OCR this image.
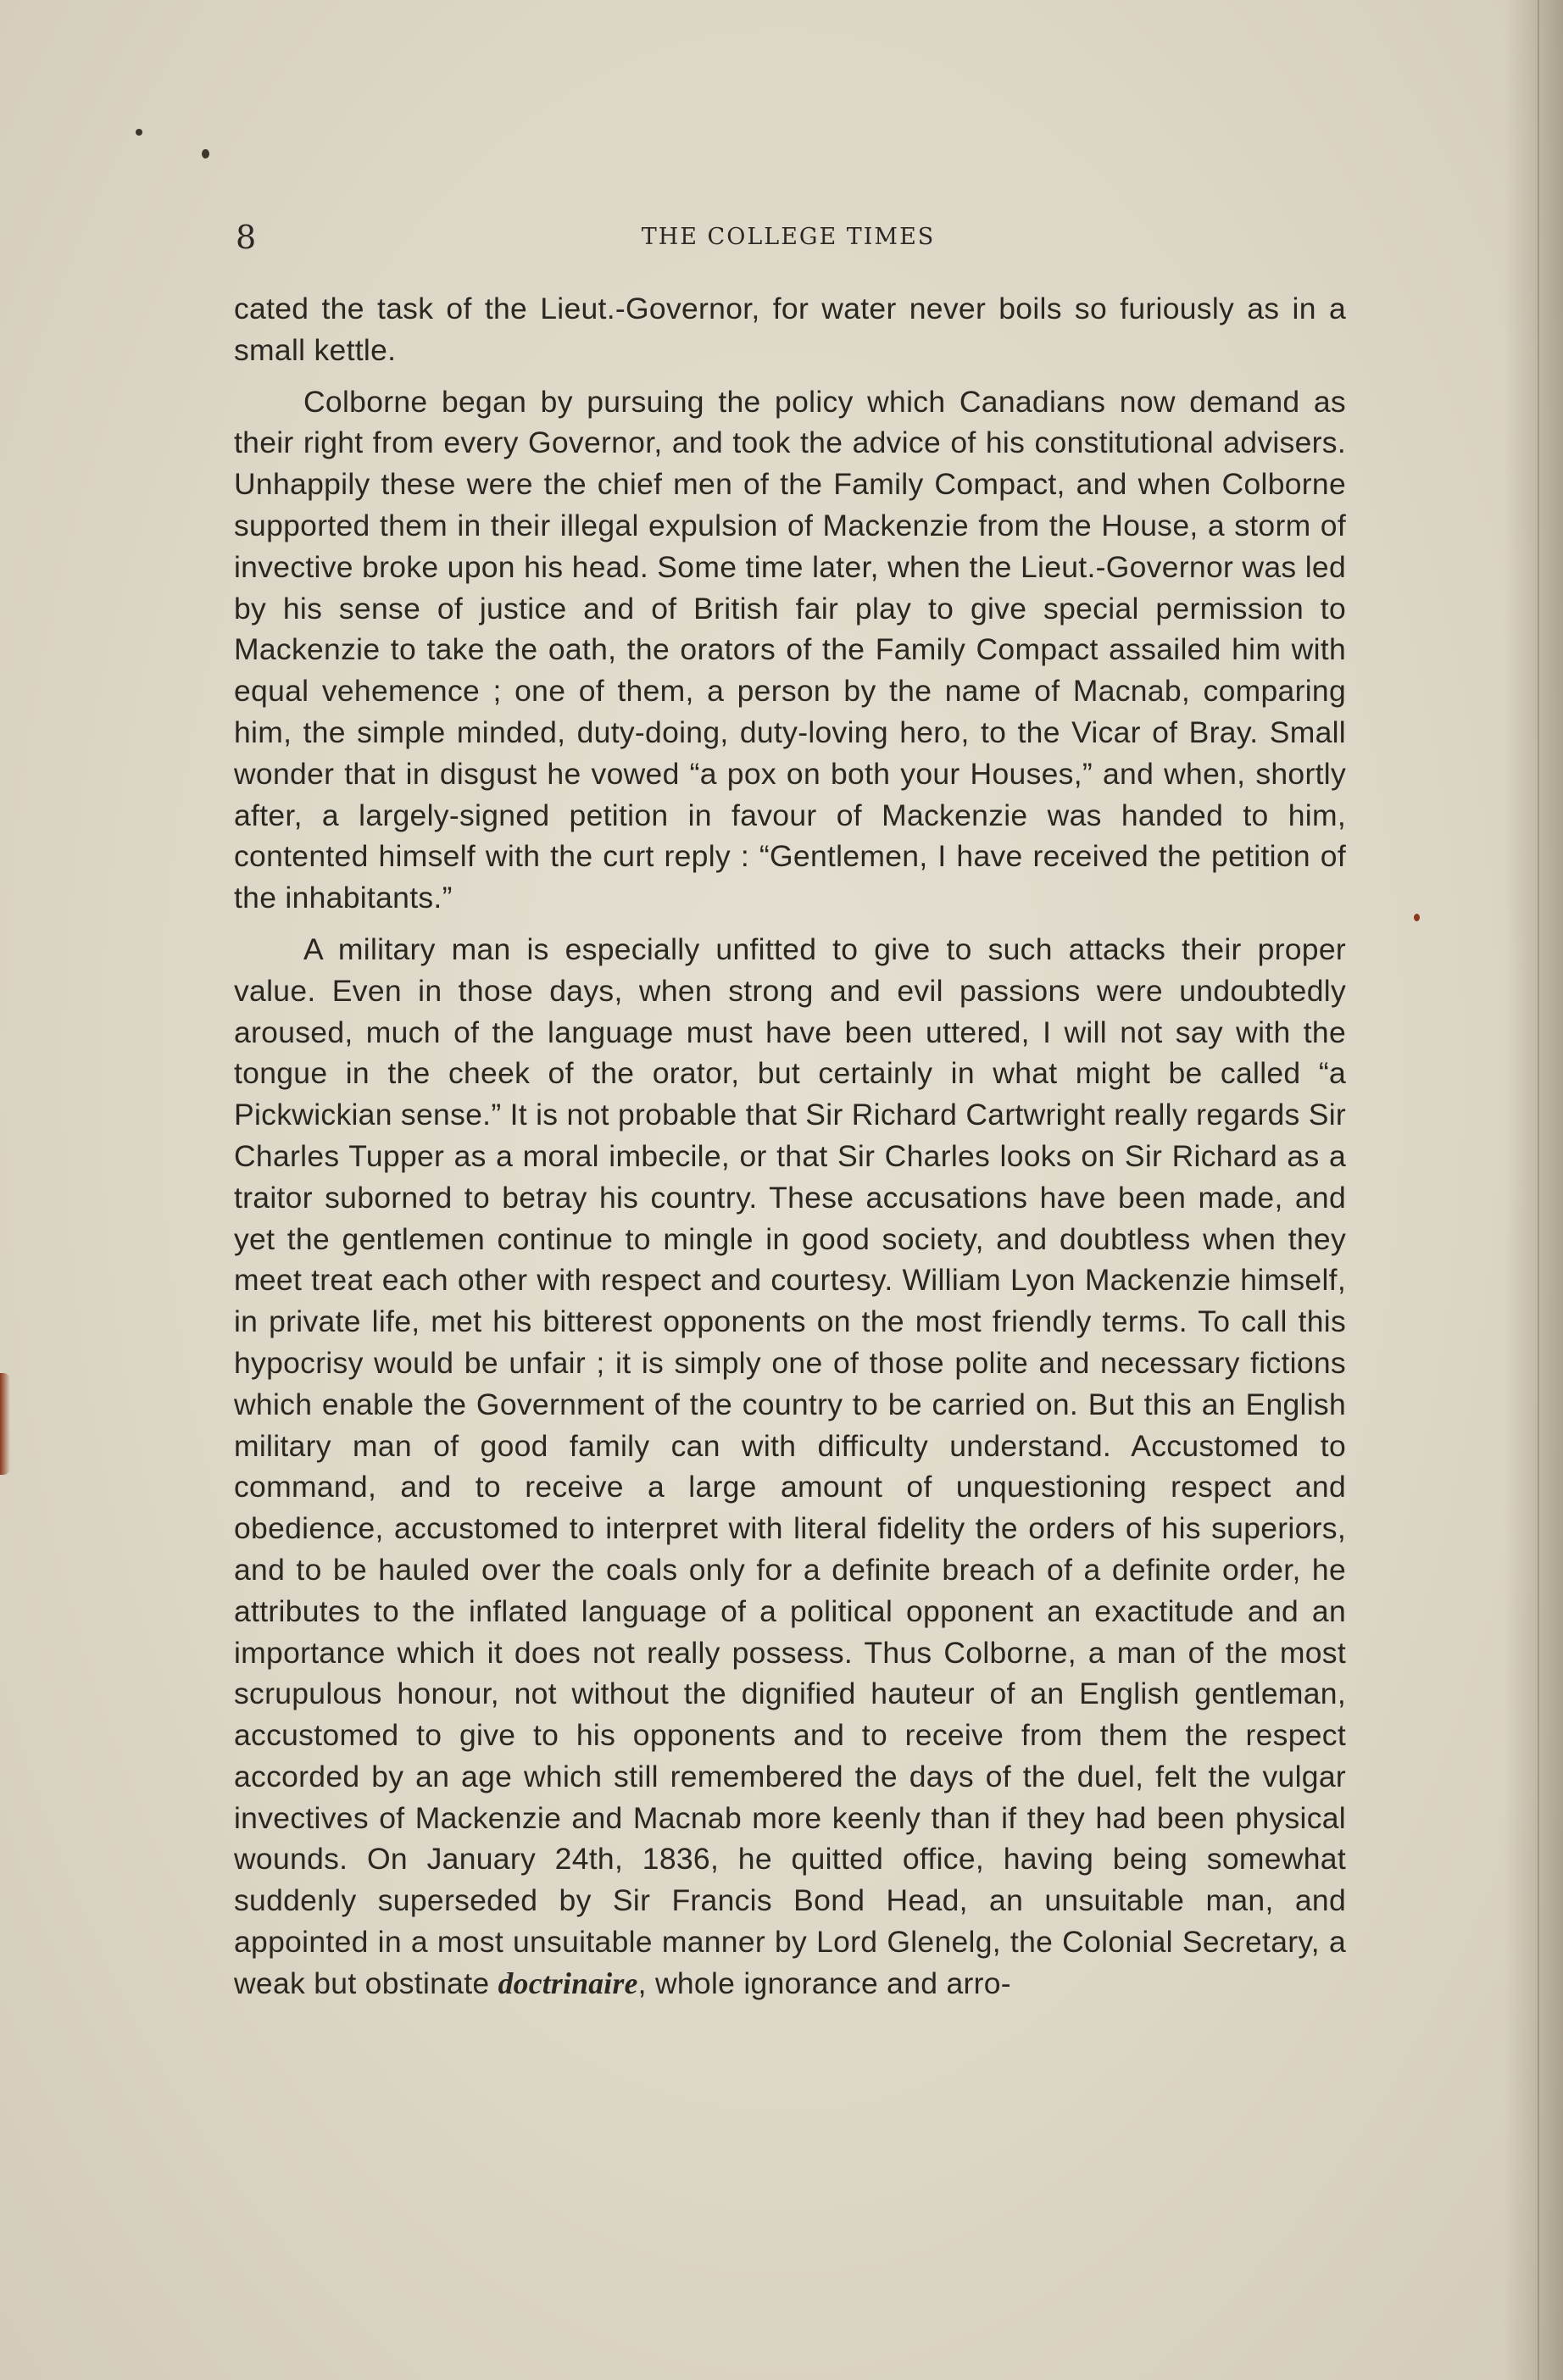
8	THE COLLEGE TIMES

cated the task of the Lieut.-Governor, for water never boils so furiously as in a small kettle.

Colborne began by pursuing the policy which Canadians now demand as their right from every Governor, and took the advice of his constitutional advisers. Unhappily these were the chief men of the Family Compact, and when Colborne supported them in their illegal expulsion of Mackenzie from the House, a storm of invective broke upon his head. Some time later, when the Lieut.-Governor was led by his sense of justice and of British fair play to give special permission to Mackenzie to take the oath, the orators of the Family Compact assailed him with equal vehemence ; one of them, a person by the name of Macnab, comparing him, the simple minded, duty-doing, duty-loving hero, to the Vicar of Bray. Small wonder that in disgust he vowed “a pox on both your Houses,” and when, shortly after, a largely-signed petition in favour of Mackenzie was handed to him, contented himself with the curt reply : “Gentlemen, I have received the petition of the inhabitants.”

A military man is especially unfitted to give to such attacks their proper value. Even in those days, when strong and evil passions were undoubtedly aroused, much of the language must have been uttered, I will not say with the tongue in the cheek of the orator, but certainly in what might be called “a Pickwickian sense.” It is not probable that Sir Richard Cartwright really regards Sir Charles Tupper as a moral imbecile, or that Sir Charles looks on Sir Richard as a traitor suborned to betray his country. These accusations have been made, and yet the gentlemen continue to mingle in good society, and doubtless when they meet treat each other with respect and courtesy. William Lyon Mackenzie himself, in private life, met his bitterest opponents on the most friendly terms. To call this hypocrisy would be unfair ; it is simply one of those polite and necessary fictions which enable the Government of the country to be carried on. But this an English military man of good family can with difficulty understand. Accustomed to command, and to receive a large amount of unquestioning respect and obedience, accustomed to interpret with literal fidelity the orders of his superiors, and to be hauled over the coals only for a definite breach of a definite order, he attributes to the inflated language of a political opponent an exactitude and an importance which it does not really possess. Thus Colborne, a man of the most scrupulous honour, not without the dignified hauteur of an English gentleman, accustomed to give to his opponents and to receive from them the respect accorded by an age which still remembered the days of the duel, felt the vulgar invectives of Mackenzie and Macnab more keenly than if they had been physical wounds. On January 24th, 1836, he quitted office, having being somewhat suddenly superseded by Sir Francis Bond Head, an unsuitable man, and appointed in a most unsuitable manner by Lord Glenelg, the Colonial Secretary, a weak but obstinate doctrinaire, whole ignorance and arro-
